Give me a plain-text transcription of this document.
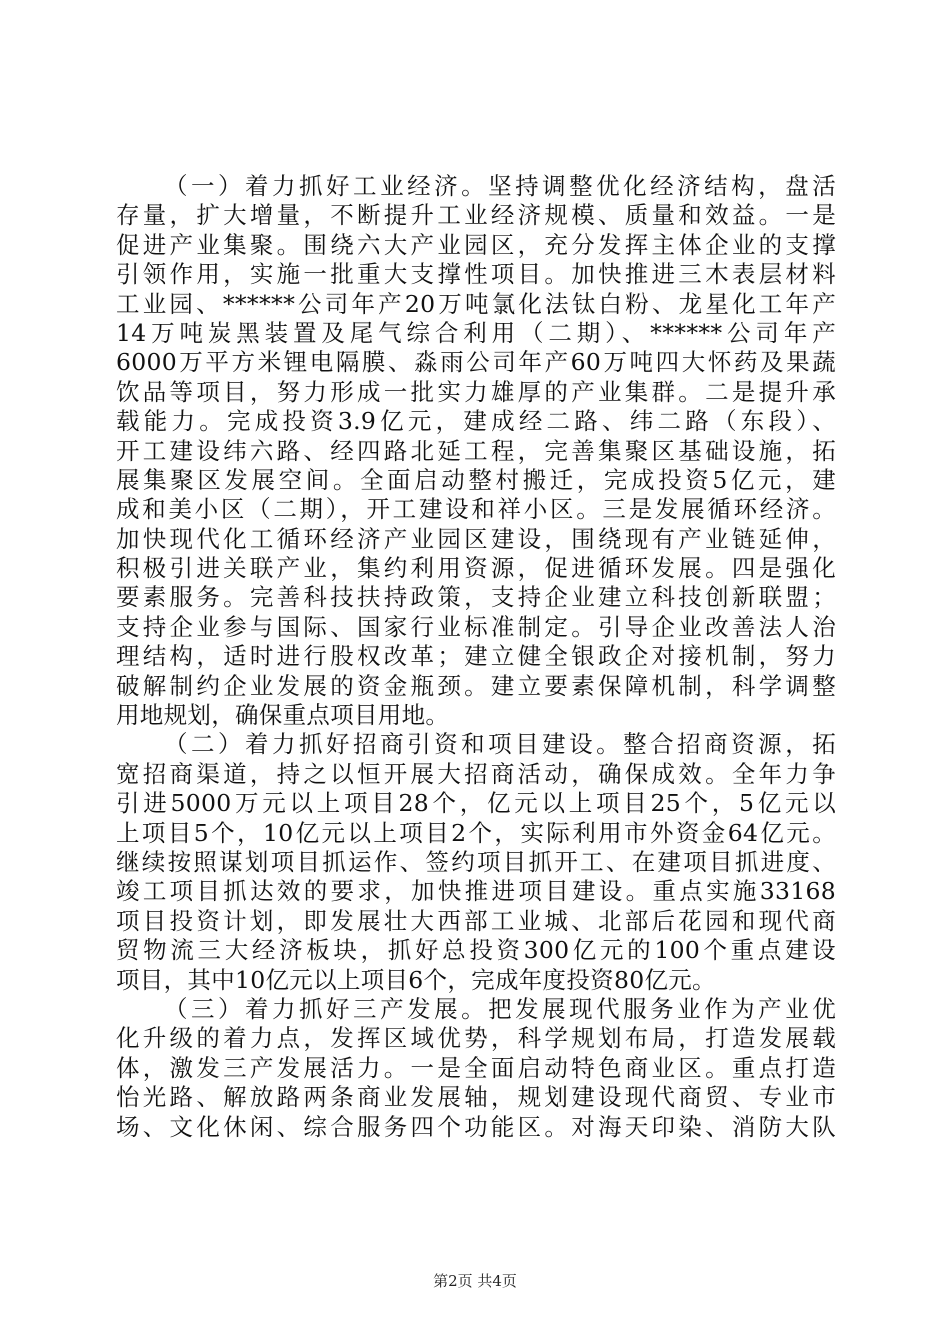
（一）着力抓好工业经济。坚持调整优化经济结构，盘活
存量，扩大增量，不断提升工业经济规模、质量和效益。一是
促进产业集聚。围绕六大产业园区，充分发挥主体企业的支撑
引领作用，实施一批重大支撑性项目。加快推进三木表层材料
工业园、******公司年产20万吨氯化法钛白粉、龙星化工年产
14万吨炭黑装置及尾气综合利用（二期）、******公司年产
6000万平方米锂电隔膜、淼雨公司年产60万吨四大怀药及果蔬
饮品等项目，努力形成一批实力雄厚的产业集群。二是提升承
载能力。完成投资3.9亿元，建成经二路、纬二路（东段）、
开工建设纬六路、经四路北延工程，完善集聚区基础设施，拓
展集聚区发展空间。全面启动整村搬迁，完成投资5亿元，建
成和美小区（二期），开工建设和祥小区。三是发展循环经济。
加快现代化工循环经济产业园区建设，围绕现有产业链延伸，
积极引进关联产业，集约利用资源，促进循环发展。四是强化
要素服务。完善科技扶持政策，支持企业建立科技创新联盟；
支持企业参与国际、国家行业标准制定。引导企业改善法人治
理结构，适时进行股权改革；建立健全银政企对接机制，努力
破解制约企业发展的资金瓶颈。建立要素保障机制，科学调整
用地规划，确保重点项目用地。
（二）着力抓好招商引资和项目建设。整合招商资源，拓
宽招商渠道，持之以恒开展大招商活动，确保成效。全年力争
引进5000万元以上项目28个，亿元以上项目25个，5亿元以
上项目5个，10亿元以上项目2个，实际利用市外资金64亿元。
继续按照谋划项目抓运作、签约项目抓开工、在建项目抓进度、
竣工项目抓达效的要求，加快推进项目建设。重点实施33168
项目投资计划，即发展壮大西部工业城、北部后花园和现代商
贸物流三大经济板块，抓好总投资300亿元的100个重点建设
项目，其中10亿元以上项目6个，完成年度投资80亿元。
（三）着力抓好三产发展。把发展现代服务业作为产业优
化升级的着力点，发挥区域优势，科学规划布局，打造发展载
体，激发三产发展活力。一是全面启动特色商业区。重点打造
怡光路、解放路两条商业发展轴，规划建设现代商贸、专业市
场、文化休闲、综合服务四个功能区。对海天印染、消防大队
第2页 共4页
